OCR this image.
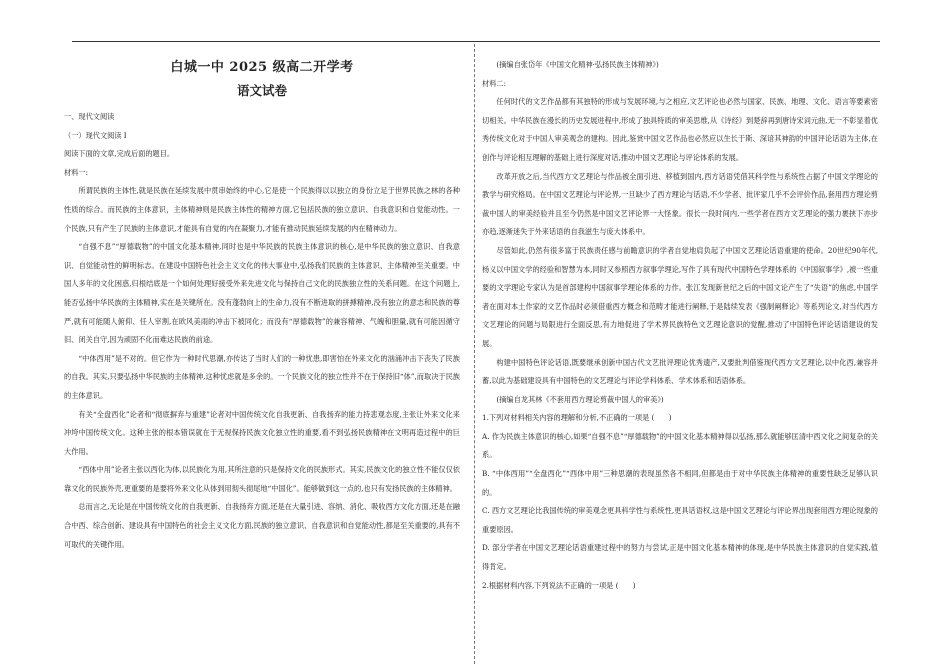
白城一中 2025 级高二开学考
语文试卷

一、现代文阅读

（一）现代文阅读 I

阅读下面的文章,完成后面的题目。

材料一:

所谓民族的主体性,就是民族在延续发展中贯串始终的中心,它是使一个民族得以以独立的身份立足于世界民族之林的各种性质的综合。而民族的主体意识，主体精神则是民族主体性的精神方面,它包括民族的独立意识、自我意识和自觉能动性。一个民族,只有产生了民族的主体意识,才能具有自觉的内在凝聚力,才能有推动民族延续发展的内在精神动力。

“自强不息”“厚德载物”的中国文化基本精神,同时也是中华民族的民族主体意识的核心,是中华民族的独立意识、自我意识、自觉能动性的鲜明标志。在建设中国特色社会主义文化的伟大事业中,弘扬我们民族的主体意识、主体精神至关重要。中国人多年的文化困惑,归根结底是一个如何处理好接受外来先进文化与保持自己文化的民族独立性的关系问题。在这个问题上,能否弘扬中华民族的主体精神,实在是关键所在。没有蓬勃向上的生命力,没有不断进取的拼搏精神,没有独立的意志和民族的尊严,就有可能随人俯仰、任人宰割,在欧风美雨的冲击下被同化；而没有“厚德载物”的兼容精神、气魄和胆量,就有可能因循守旧、闭关自守,因为顽固不化而难达民族的前途。

“中体西用”是不对的。但它作为一种时代思潮,亦传达了当时人们的一种忧患,即害怕在外来文化的汹涌冲击下丧失了民族的自我。其实,只要弘扬中华民族的主体精神,这种忧虑就是多余的。一个民族文化的独立性并不在于保持旧“体”,而取决于民族的主体意识。

有关“全盘西化”论者和“彻底摒弃与重建”论者对中国传统文化自我更新、自我扬弃的能力持悲观态度,主张让外来文化来冲垮中国传统文化。这种主张的根本错误就在于无视保持民族文化独立性的重要,看不到弘扬民族精神在文明再造过程中的巨大作用。

“西体中用”论者主张以西化为体,以民族化为用,其所注意的只是保持文化的民族形式。其实,民族文化的独立性不能仅仅依靠文化的民族外壳,更重要的是要将外来文化从体到用彻头彻尾地“中国化”。能够做到这一点的,也只有发扬民族的主体精神。

总而言之,无论是在中国传统文化的自我更新、自我扬弃方面,还是在大量引进、容纳、消化、吸收西方文化方面,还是在融合中西、综合创新、建设具有中国特色的社会主义文化方面,民族的独立意识、自我意识和自觉能动性,都是至关重要的,具有不可取代的关键作用。

(摘编自张岱年《中国文化精神·弘扬民族主体精神》)

材料二:

任何时代的文艺作品都有其独特的形成与发展环境,与之相应,文艺评论也必然与国家、民族、地理、文化、语言等要素密切相关。中华民族在漫长的历史发展进程中,形成了独具特质的审美思维,从《诗经》到楚辞再到唐诗宋词元曲,无一不彰显着优秀传统文化对于中国人审美观念的建构。因此,鉴赏中国文艺作品也必然应以生长于斯、深谙其神韵的中国评论话语为主体,在创作与评论相互理解的基础上进行深度对话,推动中国文艺理论与评论体系的发展。

改革开放之后,当代西方文艺理论与作品被全面引进、移植到国内,西方话语凭借其科学性与系统性占据了中国文学理论的教学与研究格局。在中国文艺理论与评论界,一旦缺少了西方理论与话语,不少学者、批评家几乎不会评价作品,套用西方理论剪裁中国人的审美经验并且至今仍然是中国文艺评论界一大怪象。很长一段时间内,一些学者在西方文艺理论的强力裹挟下亦步亦趋,逐渐迷失于外来话语的自我滋生与庞大体系中。

尽管如此,仍然有很多富于民族责任感与前瞻意识的学者自觉地肩负起了中国文艺理论话语重建的使命。20世纪90年代,杨义以中国文学的经验和智慧为本,同时又参照西方叙事学理论,写作了具有现代中国特色学理体系的《中国叙事学》,被一些重要的文学理论专家认为是首部建构中国叙事学理论体系的力作。张江发现新世纪之后的中国文论产生了“失语”的焦虑,中国学者在面对本土作家的文艺作品时必须借重西方概念和范畴才能进行阐释,于是陆续发表《强制阐释论》等系列论文,对当代西方文艺理论的问题与局限进行全面反思,有力地促进了学术界民族特色文艺理论意识的觉醒,推动了中国特色评论话语建设的发展。

构建中国特色评论话语,既要继承创新中国古代文艺批评理论优秀遗产,又要批判借鉴现代西方文艺理论,以中化西,兼容并蓄,以此为基础建设具有中国特色的文艺理论与评论学科体系、学术体系和话语体系。

(摘编自龙其林《不套用西方理论剪裁中国人的审美》)

1.下列对材料相关内容的理解和分析,不正确的一项是 (　　)

A. 作为民族主体意识的核心,如果“自强不息”“厚德载物”的中国文化基本精神得以弘扬,那么就能够匡清中西文化之间复杂的关系。

B. “中体西用”“全盘西化”“西体中用”三种思潮的表现虽然各不相同,但都是由于对中华民族主体精神的重要性缺乏足够认识的。

C. 西方文艺理论比我国传统的审美观念更具科学性与系统性,更具话语权,这是中国文艺理论与评论界出现套用西方理论现象的重要原因。

D. 部分学者在中国文艺理论话语重建过程中的努力与尝试,正是中国文化基本精神的体现,是中华民族主体意识的自觉实践,值得肯定。

2.根据材料内容,下列说法不正确的一项是 (　　)
